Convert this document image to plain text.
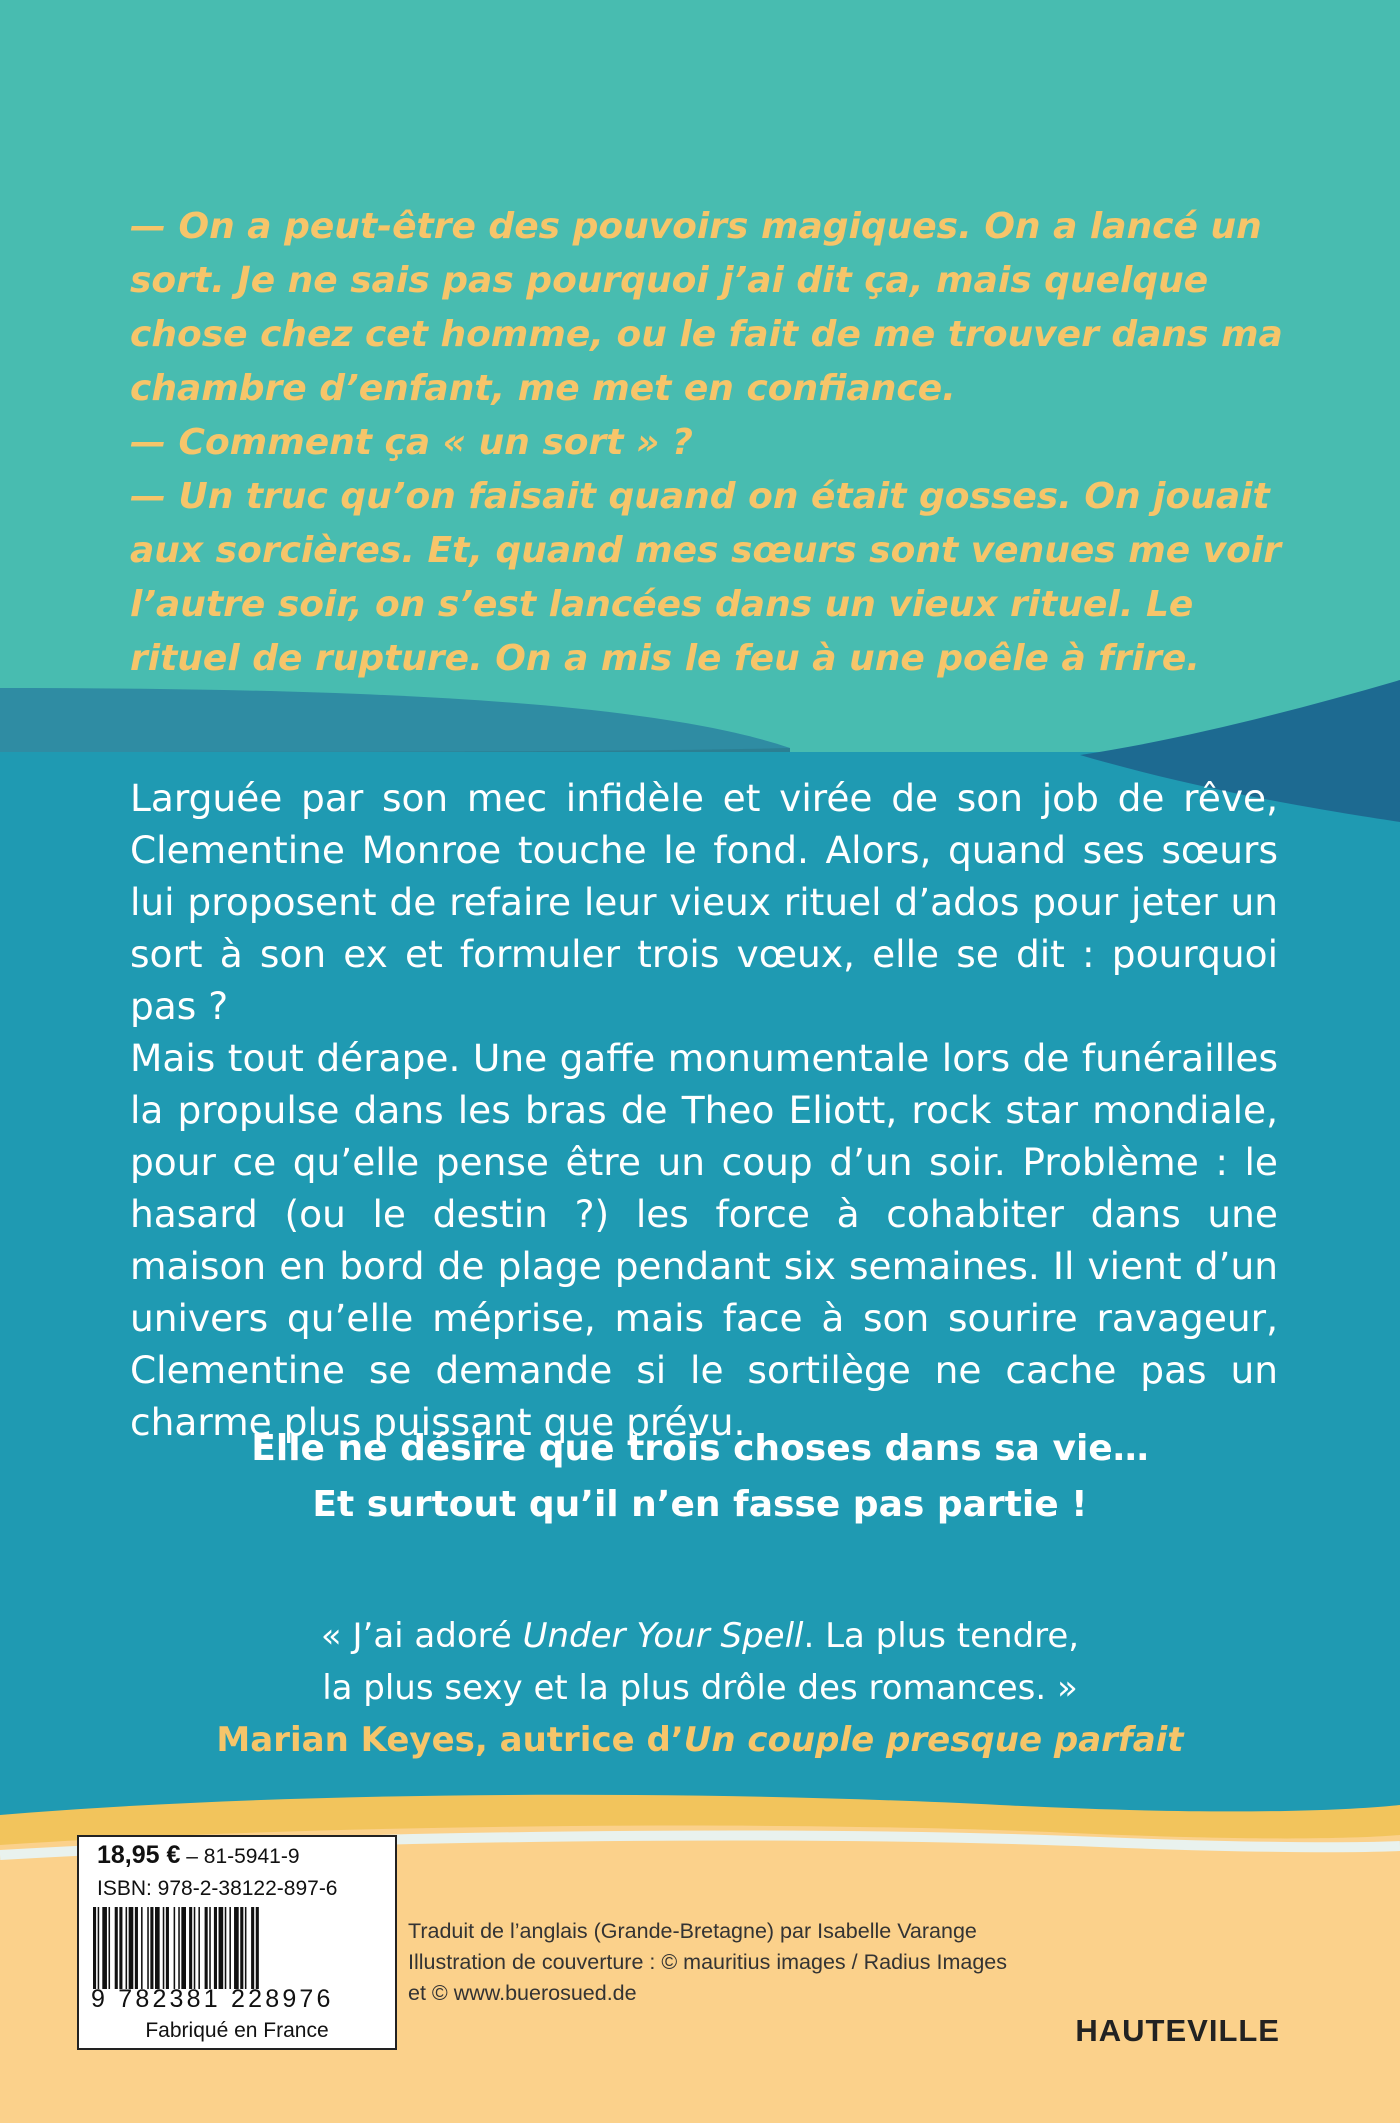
— On a peut-être des pouvoirs magiques. On a lancé un sort. Je ne sais pas pourquoi j’ai dit ça, mais quelque chose chez cet homme, ou le fait de me trouver dans ma chambre d’enfant, me met en confiance.

— Comment ça « un sort » ?

— Un truc qu’on faisait quand on était gosses. On jouait aux sorcières. Et, quand mes sœurs sont venues me voir l’autre soir, on s’est lancées dans un vieux rituel. Le rituel de rupture. On a mis le feu à une poêle à frire.

Larguée par son mec infidèle et virée de son job de rêve, Clementine Monroe touche le fond. Alors, quand ses sœurs lui proposent de refaire leur vieux rituel d’ados pour jeter un sort à son ex et formuler trois vœux, elle se dit : pourquoi pas ?

Mais tout dérape. Une gaffe monumentale lors de funérailles la propulse dans les bras de Theo Eliott, rock star mondiale, pour ce qu’elle pense être un coup d’un soir. Problème : le hasard (ou le destin ?) les force à cohabiter dans une maison en bord de plage pendant six semaines. Il vient d’un univers qu’elle méprise, mais face à son sourire ravageur, Clementine se demande si le sortilège ne cache pas un charme plus puissant que prévu.

Elle ne désire que trois choses dans sa vie…

Et surtout qu’il n’en fasse pas partie !

« J’ai adoré Under Your Spell. La plus tendre,

la plus sexy et la plus drôle des romances. »

Marian Keyes, autrice d’Un couple presque parfait

18,95 € – 81-5941-9
ISBN: 978-2-38122-897-6
9 782381 228976
Fabriqué en France

Traduit de l’anglais (Grande-Bretagne) par Isabelle Varange

Illustration de couverture : © mauritius images / Radius Images

et © www.buerosued.de

HAUTEVILLE
